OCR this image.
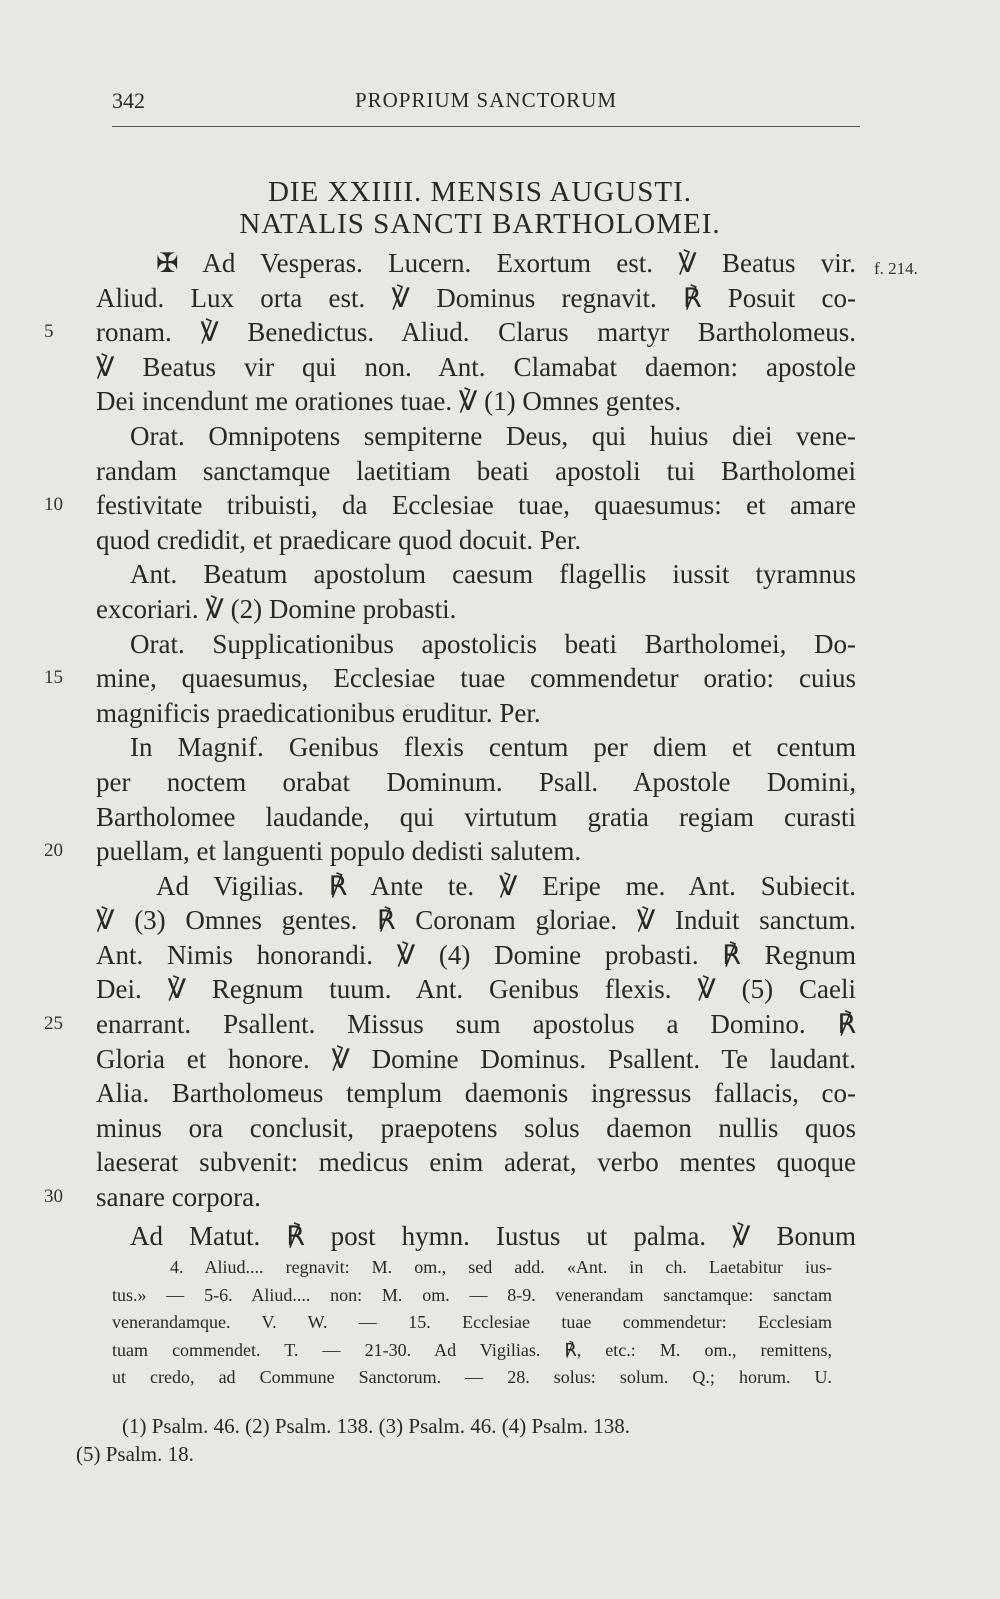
342	PROPRIUM SANCTORUM
DIE XXIIII. MENSIS AUGUSTI.
NATALIS SANCTI BARTHOLOMEI.
✠ Ad Vesperas. Lucern. Exortum est. ℣ Beatus vir. f. 214.
Aliud. Lux orta est. ℣ Dominus regnavit. ℟ Posuit co-
5 ronam. ℣ Benedictus. Aliud. Clarus martyr Bartholomeus.
℣ Beatus vir qui non. Ant. Clamabat daemon: apostole
Dei incendunt me orationes tuae. ℣ (1) Omnes gentes.
Orat. Omnipotens sempiterne Deus, qui huius diei vene-
randam sanctamque laetitiam beati apostoli tui Bartholomei
10 festivitate tribuisti, da Ecclesiae tuae, quaesumus: et amare
quod credidit, et praedicare quod docuit. Per.
Ant. Beatum apostolum caesum flagellis iussit tyramnus
excoriari. ℣ (2) Domine probasti.
Orat. Supplicationibus apostolicis beati Bartholomei, Do-
15 mine, quaesumus, Ecclesiae tuae commendetur oratio: cuius
magnificis praedicationibus eruditur. Per.
In Magnif. Genibus flexis centum per diem et centum
per noctem orabat Dominum. Psall. Apostole Domini,
Bartholomee laudande, qui virtutum gratia regiam curasti
20 puellam, et languenti populo dedisti salutem.
Ad Vigilias. ℟ Ante te. ℣ Eripe me. Ant. Subiecit.
℣ (3) Omnes gentes. ℟ Coronam gloriae. ℣ Induit sanctum.
Ant. Nimis honorandi. ℣ (4) Domine probasti. ℟ Regnum
Dei. ℣ Regnum tuum. Ant. Genibus flexis. ℣ (5) Caeli
25 enarrant. Psallent. Missus sum apostolus a Domino. ℟
Gloria et honore. ℣ Domine Dominus. Psallent. Te laudant.
Alia. Bartholomeus templum daemonis ingressus fallacis, co-
minus ora conclusit, praepotens solus daemon nullis quos
laeserat subvenit: medicus enim aderat, verbo mentes quoque
30 sanare corpora.
Ad Matut. ℟ post hymn. Iustus ut palma. ℣ Bonum
4. Aliud.... regnavit: M. om., sed add. «Ant. in ch. Laetabitur ius-
tus.» — 5-6. Aliud.... non: M. om. — 8-9. venerandam sanctamque: sanctam
venerandamque. V. W. — 15. Ecclesiae tuae commendetur: Ecclesiam
tuam commendet. T. — 21-30. Ad Vigilias. ℟, etc.: M. om., remittens,
ut credo, ad Commune Sanctorum. — 28. solus: solum. Q.; horum. U.
(1) Psalm. 46. (2) Psalm. 138. (3) Psalm. 46. (4) Psalm. 138.
(5) Psalm. 18.
